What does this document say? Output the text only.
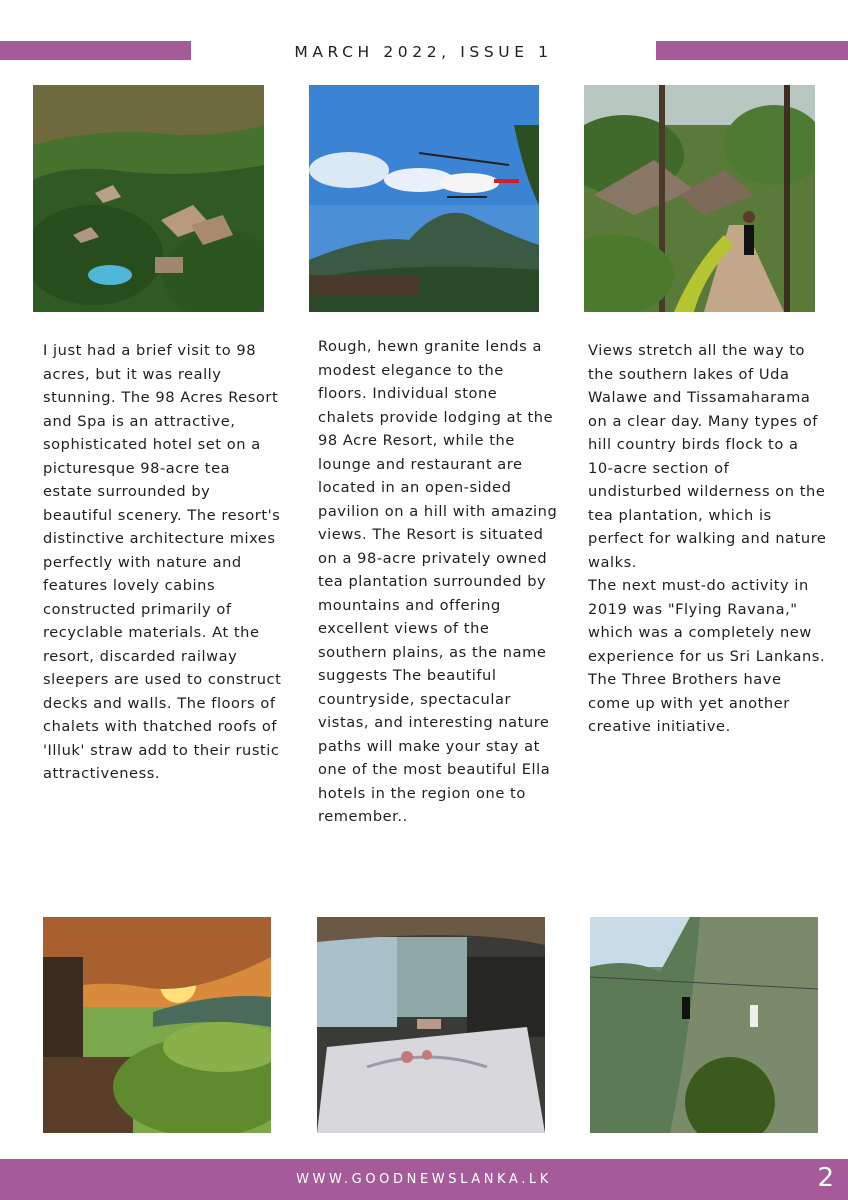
MARCH 2022, ISSUE 1
I just had a brief visit to 98 acres, but it was really stunning. The 98 Acres Resort and Spa is an attractive, sophisticated hotel set on a picturesque 98-acre tea estate surrounded by beautiful scenery. The resort's distinctive architecture mixes perfectly with nature and features lovely cabins constructed primarily of recyclable materials. At the resort, discarded railway sleepers are used to construct decks and walls. The floors of chalets with thatched roofs of 'Illuk' straw add to their rustic attractiveness.
Rough, hewn granite lends a modest elegance to the floors. Individual stone chalets provide lodging at the 98 Acre Resort, while the lounge and restaurant are located in an open-sided pavilion on a hill with amazing views. The Resort is situated on a 98-acre privately owned tea plantation surrounded by mountains and offering excellent views of the southern plains, as the name suggests The beautiful countryside, spectacular vistas, and interesting nature paths will make your stay at one of the most beautiful Ella hotels in the region one to remember..
Views stretch all the way to the southern lakes of Uda Walawe and Tissamaharama on a clear day. Many types of hill country birds flock to a 10-acre section of undisturbed wilderness on the tea plantation, which is perfect for walking and nature walks.
The next must-do activity in 2019 was "Flying Ravana," which was a completely new experience for us Sri Lankans. The Three Brothers have come up with yet another creative initiative.
WWW.GOODNEWSLANKA.LK	2
